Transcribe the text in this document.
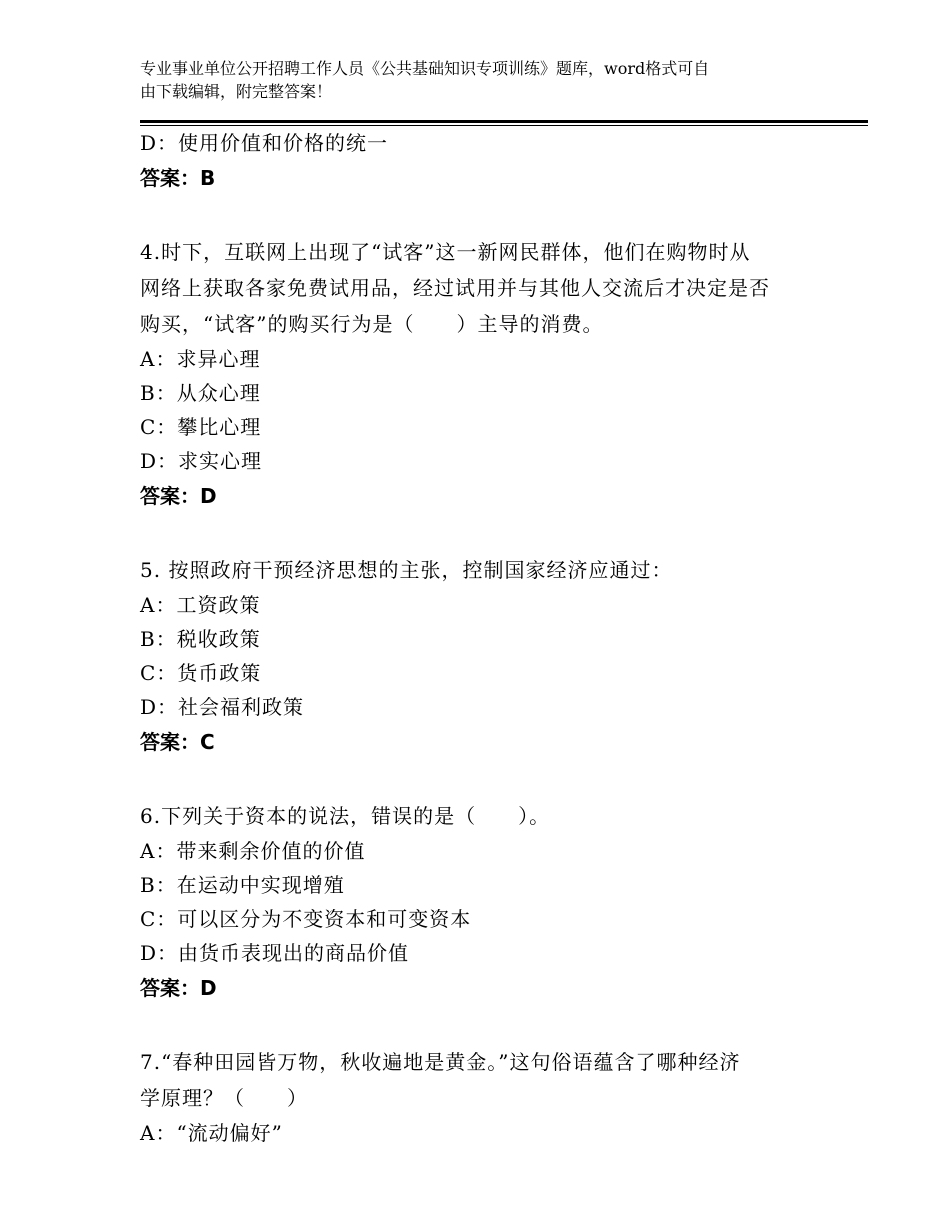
专业事业单位公开招聘工作人员《公共基础知识专项训练》题库，word格式可自
由下载编辑，附完整答案！
D：使用价值和价格的统一
答案：B
4.时下，互联网上出现了“试客”这一新网民群体，他们在购物时从
网络上获取各家免费试用品，经过试用并与其他人交流后才决定是否
购买，“试客”的购买行为是（　　）主导的消费。
A：求异心理
B：从众心理
C：攀比心理
D：求实心理
答案：D
5. 按照政府干预经济思想的主张，控制国家经济应通过：
A：工资政策
B：税收政策
C：货币政策
D：社会福利政策
答案：C
6.下列关于资本的说法，错误的是（　　）。
A：带来剩余价值的价值
B：在运动中实现增殖
C：可以区分为不变资本和可变资本
D：由货币表现出的商品价值
答案：D
7.“春种田园皆万物，秋收遍地是黄金。”这句俗语蕴含了哪种经济
学原理？（　　）
A：“流动偏好”
